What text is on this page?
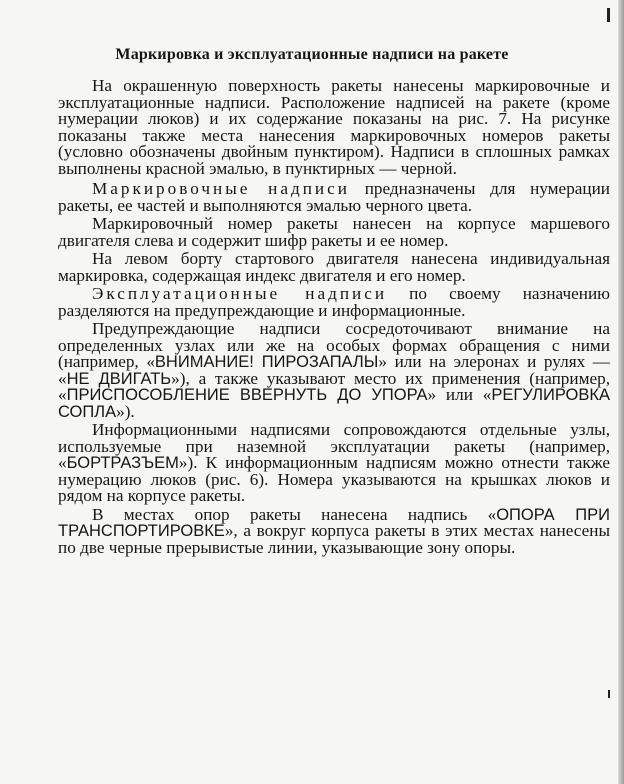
Маркировка и эксплуатационные надписи на ракете

На окрашенную поверхность ракеты нанесены маркировочные и эксплуатационные надписи. Расположение надписей на ракете (кроме нумерации люков) и их содержание показаны на рис. 7. На рисунке показаны также места нанесения маркировочных номеров ракеты (условно обозначены двойным пунктиром). Надписи в сплошных рамках выполнены красной эмалью, в пунктирных — черной.

Маркировочные надписи предназначены для нумерации ракеты, ее частей и выполняются эмалью черного цвета.

Маркировочный номер ракеты нанесен на корпусе маршевого двигателя слева и содержит шифр ракеты и ее номер.

На левом борту стартового двигателя нанесена индивидуальная маркировка, содержащая индекс двигателя и его номер.

Эксплуатационные надписи по своему назначению разделяются на предупреждающие и информационные.

Предупреждающие надписи сосредоточивают внимание на определенных узлах или же на особых формах обращения с ними (например, «ВНИМАНИЕ! ПИРОЗАПАЛЫ» или на элеронах и рулях — «НЕ ДВИГАТЬ»), а также указывают место их применения (например, «ПРИСПОСОБЛЕНИЕ ВВЕРНУТЬ ДО УПОРА» или «РЕГУЛИРОВКА СОПЛА»).

Информационными надписями сопровождаются отдельные узлы, используемые при наземной эксплуатации ракеты (например, «БОРТРАЗЪЕМ»). К информационным надписям можно отнести также нумерацию люков (рис. 6). Номера указываются на крышках люков и рядом на корпусе ракеты.

В местах опор ракеты нанесена надпись «ОПОРА ПРИ ТРАНСПОРТИРОВКЕ», а вокруг корпуса ракеты в этих местах нанесены по две черные прерывистые линии, указывающие зону опоры.
